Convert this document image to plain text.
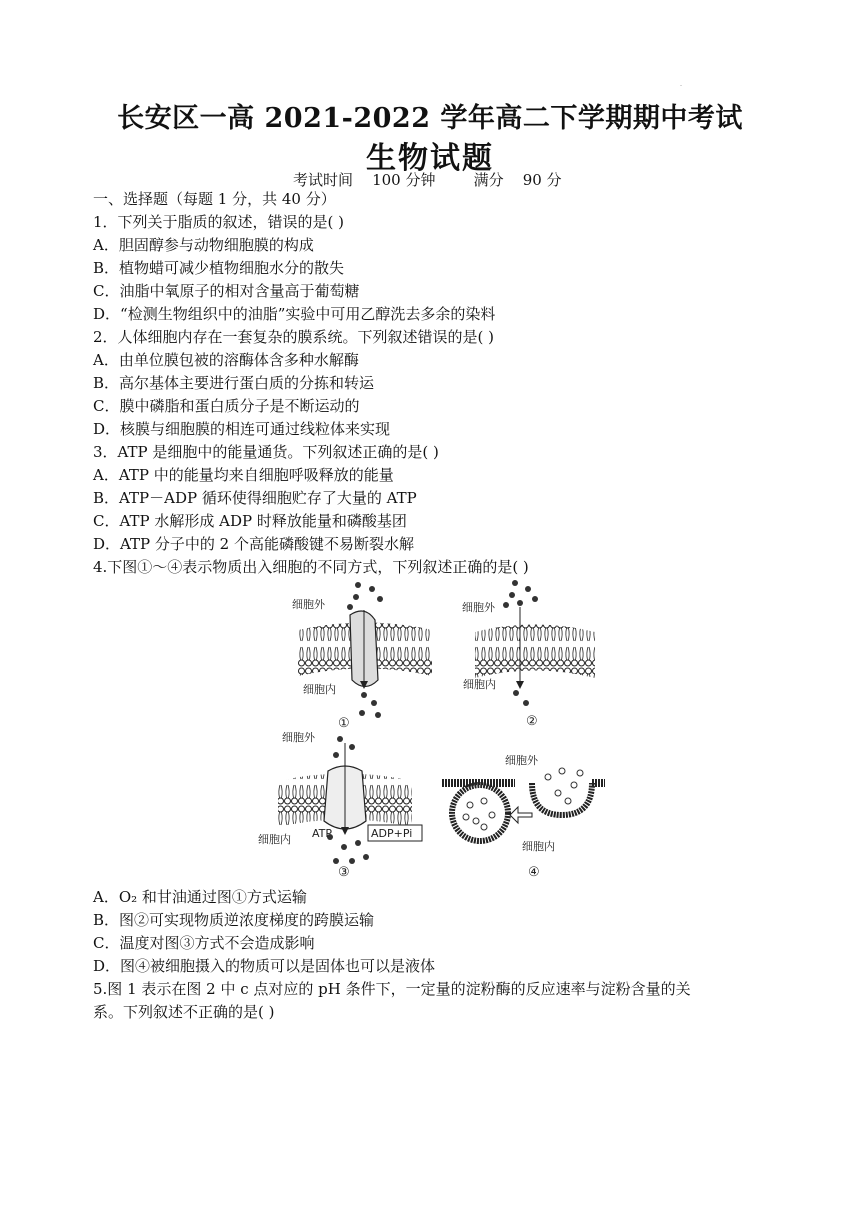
-
长安区一高 2021-2022 学年高二下学期期中考试
生物试题
考试时间    100 分钟        满分    90 分
一、选择题（每题 1 分，共 40 分）
1．下列关于脂质的叙述，错误的是( )
A．胆固醇参与动物细胞膜的构成
B．植物蜡可减少植物细胞水分的散失
C．油脂中氧原子的相对含量高于葡萄糖
D．“检测生物组织中的油脂”实验中可用乙醇洗去多余的染料
2．人体细胞内存在一套复杂的膜系统。下列叙述错误的是( )
A．由单位膜包被的溶酶体含多种水解酶
B．高尔基体主要进行蛋白质的分拣和转运
C．膜中磷脂和蛋白质分子是不断运动的
D．核膜与细胞膜的相连可通过线粒体来实现
3．ATP 是细胞中的能量通货。下列叙述正确的是( )
A．ATP 中的能量均来自细胞呼吸释放的能量
B．ATP－ADP 循环使得细胞贮存了大量的 ATP
C．ATP 水解形成 ADP 时释放能量和磷酸基团
D．ATP 分子中的 2 个高能磷酸键不易断裂水解
4.下图①～④表示物质出入细胞的不同方式，下列叙述正确的是( )
细胞外
细胞内
①
细胞外
细胞内
②
细胞外
ATP	ADP+Pi
细胞内
③
细胞外
细胞内
④
A．O₂ 和甘油通过图①方式运输
B．图②可实现物质逆浓度梯度的跨膜运输
C．温度对图③方式不会造成影响
D．图④被细胞摄入的物质可以是固体也可以是液体
5.图 1 表示在图 2 中 c 点对应的 pH 条件下，一定量的淀粉酶的反应速率与淀粉含量的关
系。下列叙述不正确的是( )
